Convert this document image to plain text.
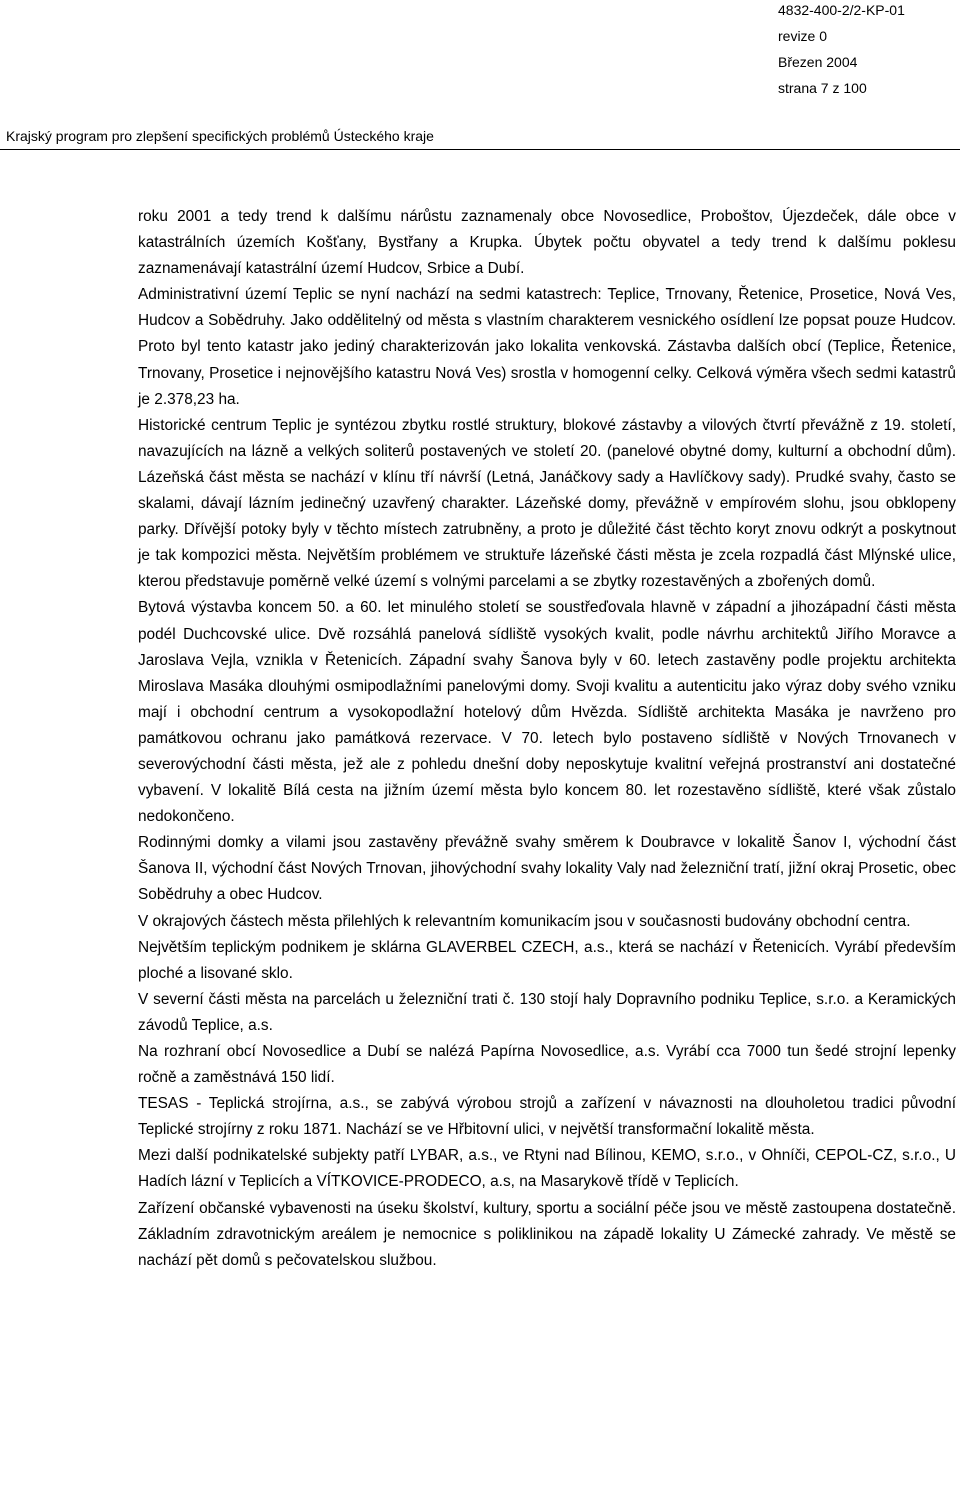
4832-400-2/2-KP-01
revize 0
Březen 2004
strana 7 z 100
Krajský program pro zlepšení specifických problémů Ústeckého kraje

roku 2001 a tedy trend k dalšímu nárůstu zaznamenaly obce Novosedlice, Proboštov, Újezdeček, dále obce v katastrálních územích Košťany, Bystřany a Krupka. Úbytek počtu obyvatel a tedy trend k dalšímu poklesu zaznamenávají katastrální území Hudcov, Srbice a Dubí.

Administrativní území Teplic se nyní nachází na sedmi katastrech: Teplice, Trnovany, Řetenice, Prosetice, Nová Ves, Hudcov a Sobědruhy. Jako oddělitelný od města s vlastním charakterem vesnického osídlení lze popsat pouze Hudcov. Proto byl tento katastr jako jediný charakterizován jako lokalita venkovská. Zástavba dalších obcí (Teplice, Řetenice, Trnovany, Prosetice i nejnovějšího katastru Nová Ves) srostla v homogenní celky. Celková výměra všech sedmi katastrů je 2.378,23 ha.

Historické centrum Teplic je syntézou zbytku rostlé struktury, blokové zástavby a vilových čtvrtí převážně z 19. století, navazujících na lázně a velkých soliterů postavených ve století 20. (panelové obytné domy, kulturní a obchodní dům). Lázeňská část města se nachází v klínu tří návrší (Letná, Janáčkovy sady a Havlíčkovy sady). Prudké svahy, často se skalami, dávají lázním jedinečný uzavřený charakter. Lázeňské domy, převážně v empírovém slohu, jsou obklopeny parky. Dřívější potoky byly v těchto místech zatrubněny, a proto je důležité část těchto koryt znovu odkrýt a poskytnout je tak kompozici města. Největším problémem ve struktuře lázeňské části města je zcela rozpadlá část Mlýnské ulice, kterou představuje poměrně velké území s volnými parcelami a se zbytky rozestavěných a zbořených domů.

Bytová výstavba koncem 50. a 60. let minulého století se soustřeďovala hlavně v západní a jihozápadní části města podél Duchcovské ulice. Dvě rozsáhlá panelová sídliště vysokých kvalit, podle návrhu architektů Jiřího Moravce a Jaroslava Vejla, vznikla v Řetenicích. Západní svahy Šanova byly v 60. letech zastavěny podle projektu architekta Miroslava Masáka dlouhými osmipodlažními panelovými domy. Svoji kvalitu a autenticitu jako výraz doby svého vzniku mají i obchodní centrum a vysokopodlažní hotelový dům Hvězda. Sídliště architekta Masáka je navrženo pro památkovou ochranu jako památková rezervace. V 70. letech bylo postaveno sídliště v Nových Trnovanech v severovýchodní části města, jež ale z pohledu dnešní doby neposkytuje kvalitní veřejná prostranství ani dostatečné vybavení. V lokalitě Bílá cesta na jižním území města bylo koncem 80. let rozestavěno sídliště, které však zůstalo nedokončeno.

Rodinnými domky a vilami jsou zastavěny převážně svahy směrem k Doubravce v lokalitě Šanov I, východní část Šanova II, východní část Nových Trnovan, jihovýchodní svahy lokality Valy nad železniční tratí, jižní okraj Prosetic, obec Sobědruhy a obec Hudcov.

V okrajových částech města přilehlých k relevantním komunikacím jsou v současnosti budovány obchodní centra.

Největším teplickým podnikem je sklárna GLAVERBEL CZECH, a.s., která se nachází v Řetenicích. Vyrábí především ploché a lisované sklo.

V severní části města na parcelách u železniční trati č. 130 stojí haly Dopravního podniku Teplice, s.r.o. a Keramických závodů Teplice, a.s.

Na rozhraní obcí Novosedlice a Dubí se nalézá Papírna Novosedlice, a.s. Vyrábí cca 7000 tun šedé strojní lepenky ročně a zaměstnává 150 lidí.

TESAS - Teplická strojírna, a.s., se zabývá výrobou strojů a zařízení v návaznosti na dlouholetou tradici původní Teplické strojírny z roku 1871. Nachází se ve Hřbitovní ulici, v největší transformační lokalitě města.

Mezi další podnikatelské subjekty patří LYBAR, a.s., ve Rtyni nad Bílinou, KEMO, s.r.o., v Ohníči, CEPOL-CZ, s.r.o., U Hadích lázní v Teplicích a VÍTKOVICE-PRODECO, a.s, na Masarykově třídě v Teplicích.

Zařízení občanské vybavenosti na úseku školství, kultury, sportu a sociální péče jsou ve městě zastoupena dostatečně. Základním zdravotnickým areálem je nemocnice s poliklinikou na západě lokality U Zámecké zahrady. Ve městě se nachází pět domů s pečovatelskou službou.
